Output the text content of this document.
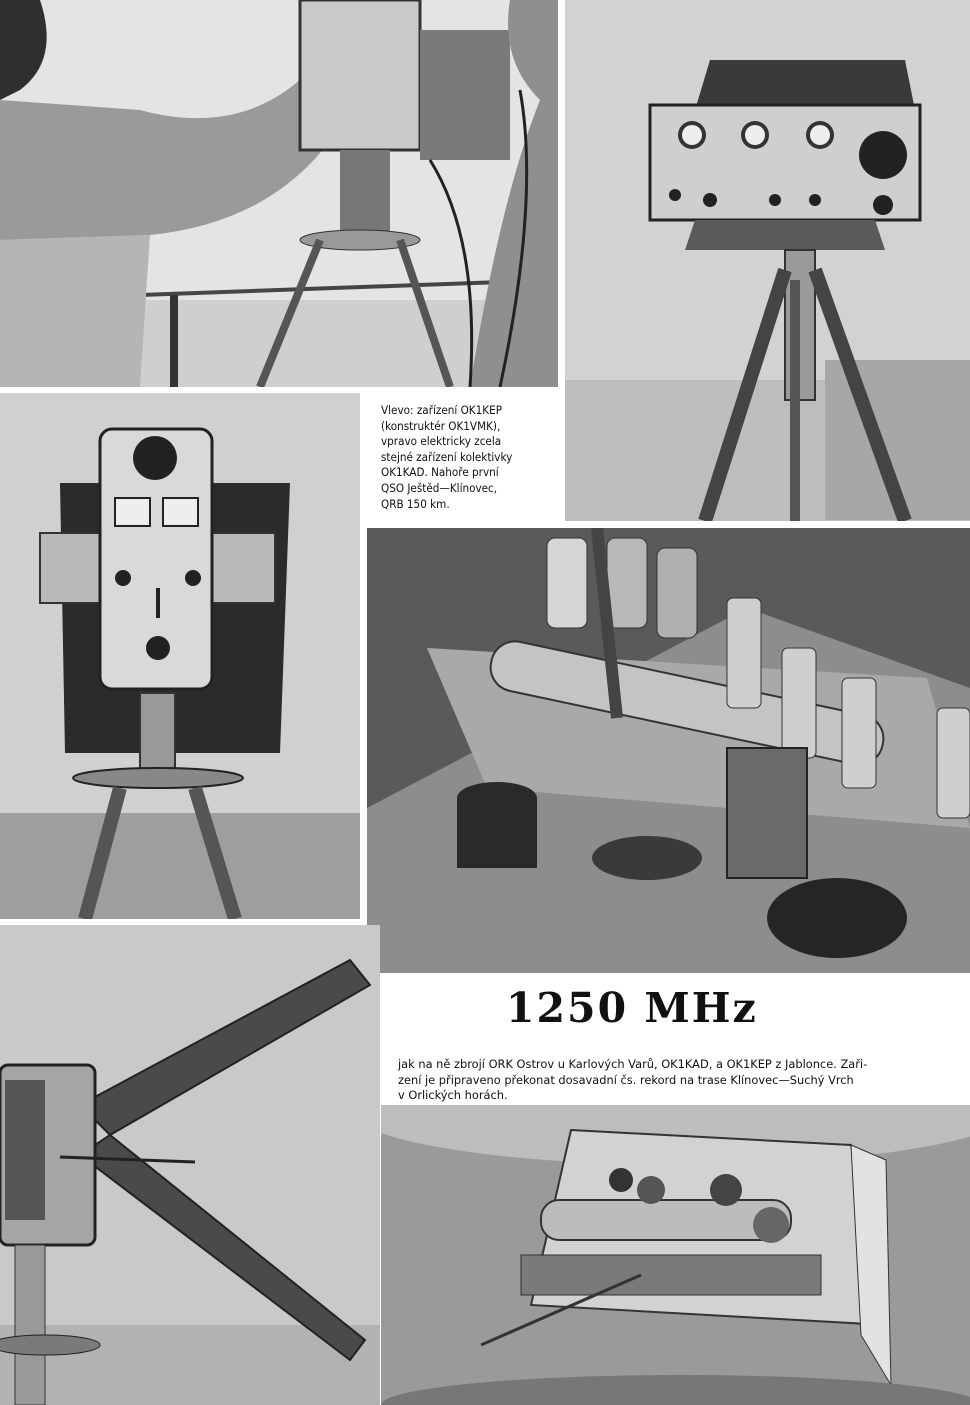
Vlevo: zařízení OK1KEP
(konstruktér OK1VMK),
vpravo elektricky zcela
stejné zařízení kolektivky
OK1KAD. Nahoře první
QSO Ještěd—Klínovec,
QRB 150 km.
1250 MHz
jak na ně zbrojí ORK Ostrov u Karlových Varů, OK1KAD, a OK1KEP z Jablonce. Zaři-
zení je připraveno překonat dosavadní čs. rekord na trase Klínovec—Suchý Vrch
v Orlických horách.
